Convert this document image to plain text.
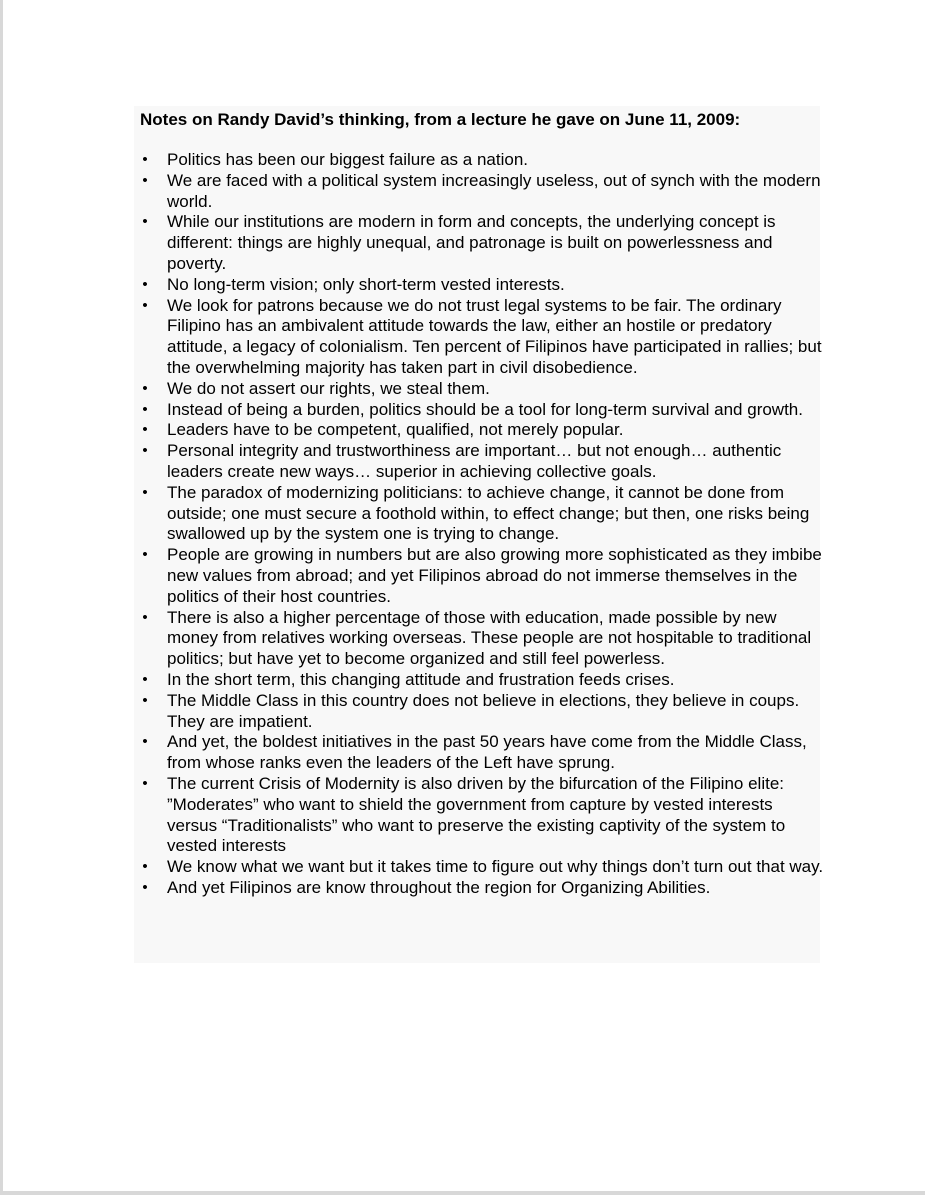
Notes on Randy David’s thinking, from a lecture he gave on June 11, 2009:
• Politics has been our biggest failure as a nation.
• We are faced with a political system increasingly useless, out of synch with the modern world.
• While our institutions are modern in form and concepts, the underlying concept is different: things are highly unequal, and patronage is built on powerlessness and poverty.
• No long-term vision; only short-term vested interests.
• We look for patrons because we do not trust legal systems to be fair. The ordinary Filipino has an ambivalent attitude towards the law, either an hostile or predatory attitude, a legacy of colonialism. Ten percent of Filipinos have participated in rallies; but the overwhelming majority has taken part in civil disobedience.
• We do not assert our rights, we steal them.
• Instead of being a burden, politics should be a tool for long-term survival and growth.
• Leaders have to be competent, qualified, not merely popular.
• Personal integrity and trustworthiness are important… but not enough… authentic leaders create new ways… superior in achieving collective goals.
• The paradox of modernizing politicians: to achieve change, it cannot be done from outside; one must secure a foothold within, to effect change; but then, one risks being swallowed up by the system one is trying to change.
• People are growing in numbers but are also growing more sophisticated as they imbibe new values from abroad; and yet Filipinos abroad do not immerse themselves in the politics of their host countries.
• There is also a higher percentage of those with education, made possible by new money from relatives working overseas. These people are not hospitable to traditional politics; but have yet to become organized and still feel powerless.
• In the short term, this changing attitude and frustration feeds crises.
• The Middle Class in this country does not believe in elections, they believe in coups. They are impatient.
• And yet, the boldest initiatives in the past 50 years have come from the Middle Class, from whose ranks even the leaders of the Left have sprung.
• The current Crisis of Modernity is also driven by the bifurcation of the Filipino elite: ”Moderates” who want to shield the government from capture by vested interests versus “Traditionalists” who want to preserve the existing captivity of the system to vested interests
• We know what we want but it takes time to figure out why things don’t turn out that way.
• And yet Filipinos are know throughout the region for Organizing Abilities.
